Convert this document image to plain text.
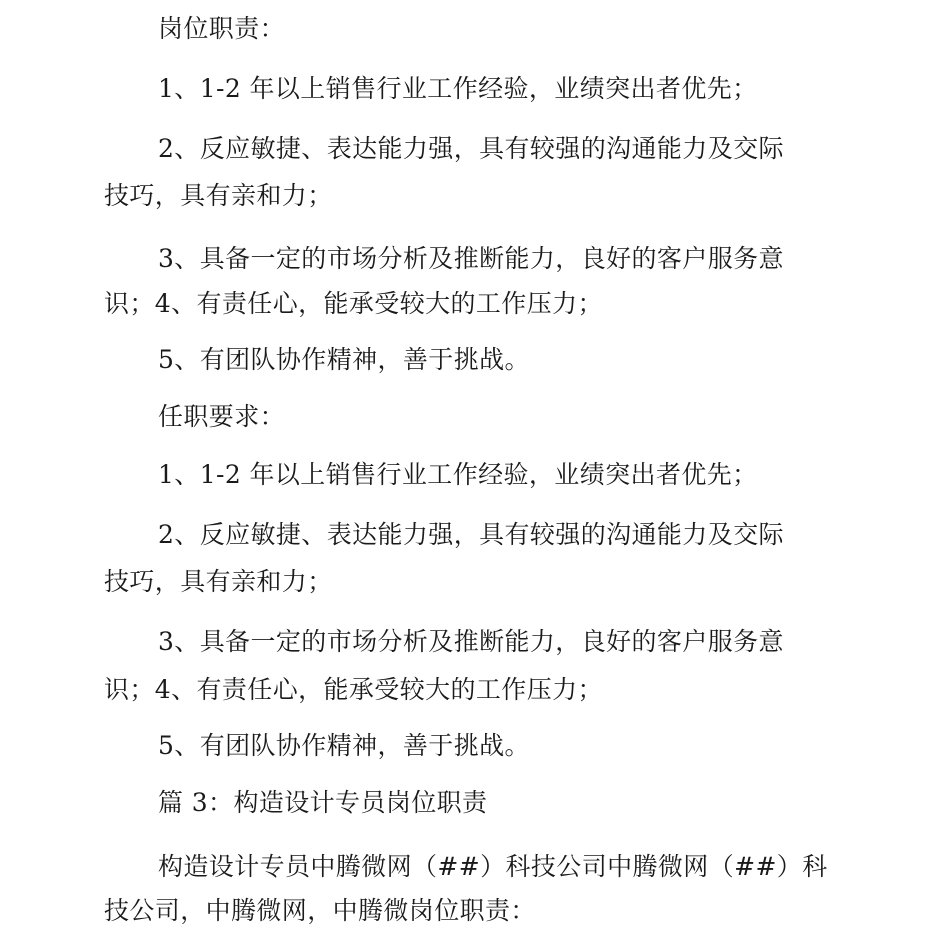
岗位职责：
1、1-2 年以上销售行业工作经验，业绩突出者优先；
2、反应敏捷、表达能力强，具有较强的沟通能力及交际
技巧，具有亲和力；
3、具备一定的市场分析及推断能力，良好的客户服务意
识；4、有责任心，能承受较大的工作压力；
5、有团队协作精神，善于挑战。
任职要求：
1、1-2 年以上销售行业工作经验，业绩突出者优先；
2、反应敏捷、表达能力强，具有较强的沟通能力及交际
技巧，具有亲和力；
3、具备一定的市场分析及推断能力，良好的客户服务意
识；4、有责任心，能承受较大的工作压力；
5、有团队协作精神，善于挑战。
篇 3：构造设计专员岗位职责
构造设计专员中腾微网（##）科技公司中腾微网（##）科
技公司，中腾微网，中腾微岗位职责：
